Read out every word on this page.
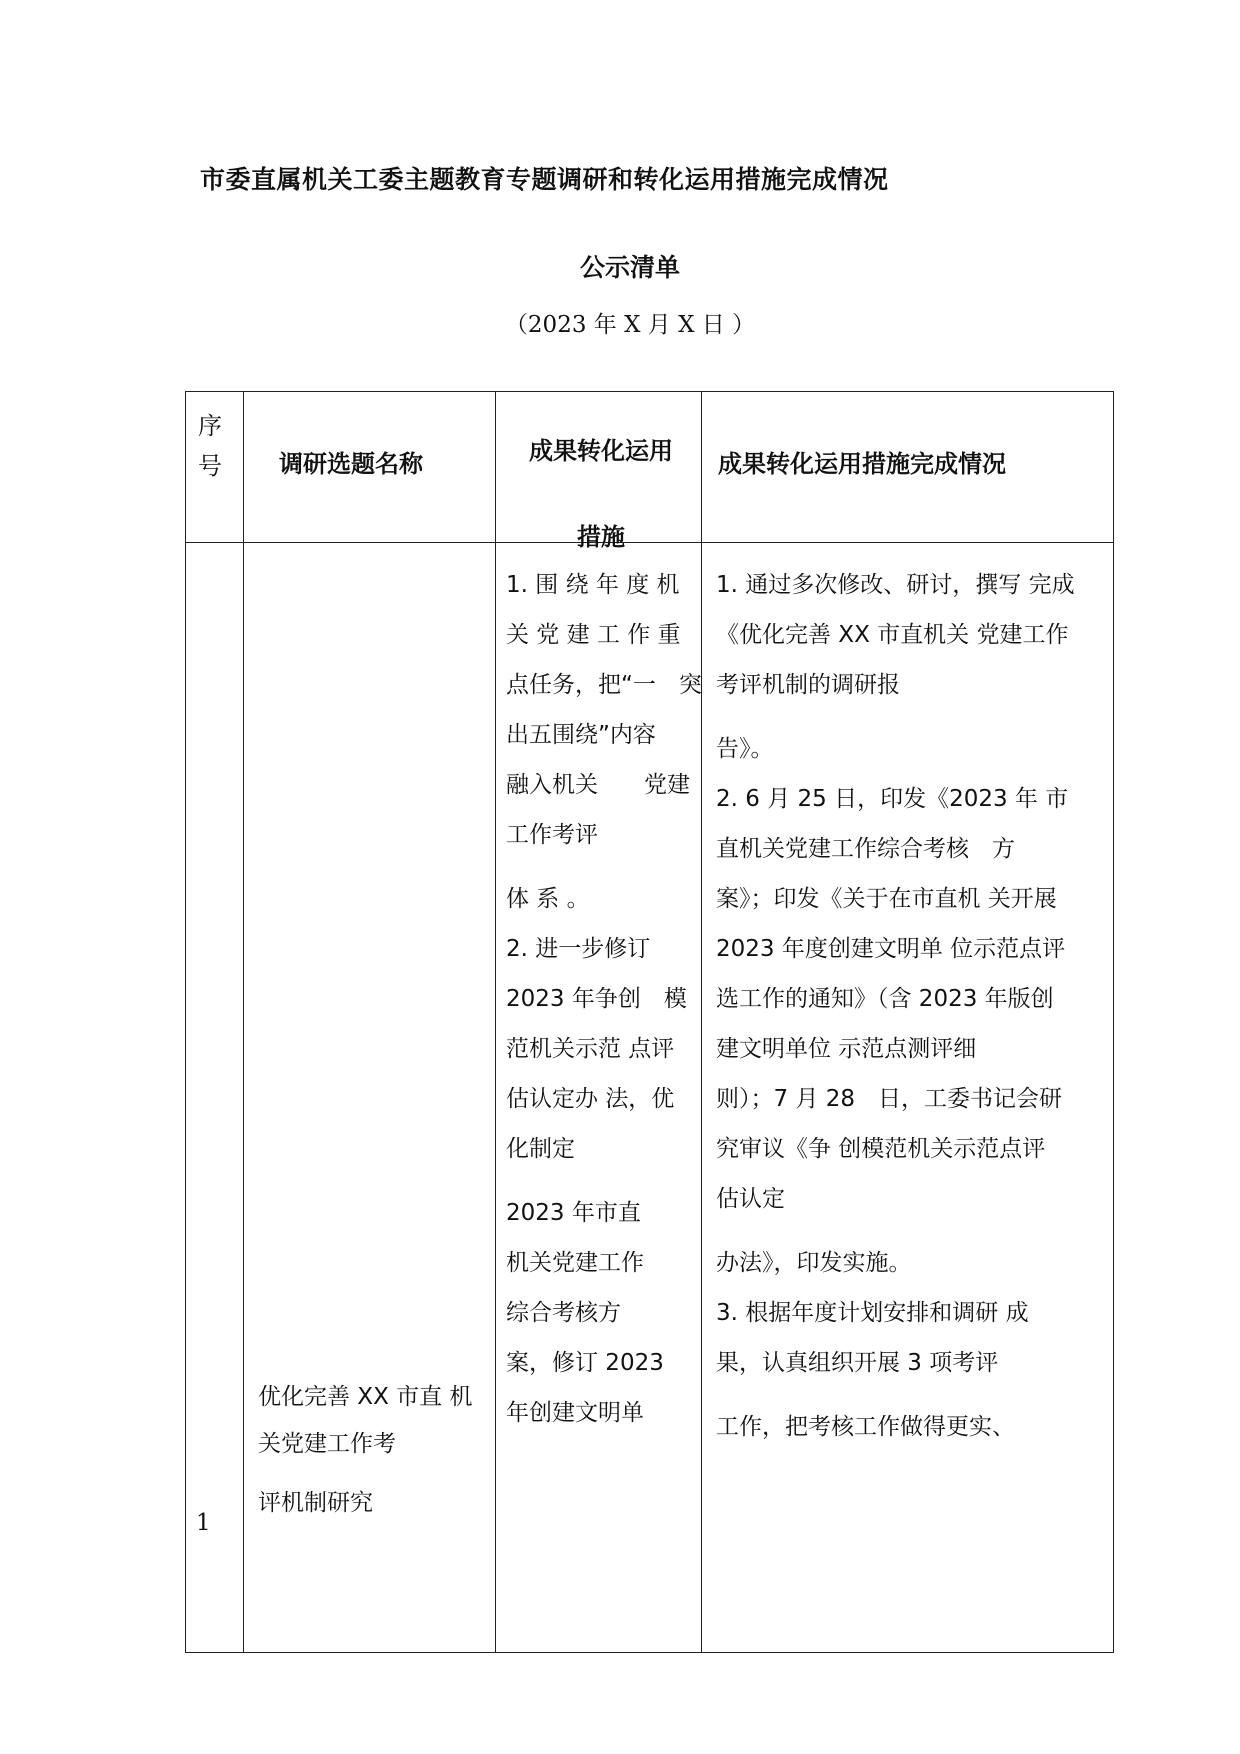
市委直属机关工委主题教育专题调研和转化运用措施完成情况
公示清单
（2023 年 X 月 X 日 ）
序号	调研选题名称	成果转化运用措施
成果转化运用措施完成情况
1
优化完善 XX 市直 机
关党建工作考
评机制研究
1. 围 绕 年 度 机
关 党 建 工 作 重
点任务，把“一　突
出五围绕”内容
融入机关　　党建
工作考评
体 系 。
2. 进一步修订
2023 年争创　模
范机关示范 点评
估认定办 法，优
化制定
2023 年市直
机关党建工作
综合考核方
案，修订 2023
年创建文明单
1. 通过多次修改、研讨，撰写 完成
《优化完善 XX 市直机关 党建工作
考评机制的调研报
告》。
2. 6 月 25 日，印发《2023 年 市
直机关党建工作综合考核　方
案》；印发《关于在市直机 关开展
2023 年度创建文明单 位示范点评
选工作的通知》（含 2023 年版创
建文明单位 示范点测评细
则）；7 月 28　日，工委书记会研
究审议《争 创模范机关示范点评
估认定
办法》，印发实施。
3. 根据年度计划安排和调研 成
果，认真组织开展 3 项考评
工作，把考核工作做得更实、
